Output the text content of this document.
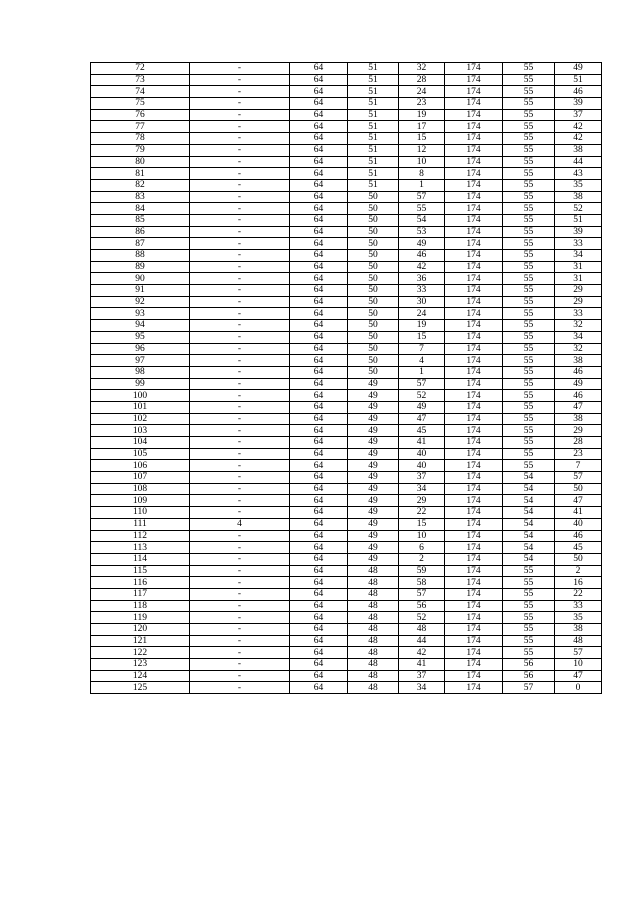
72	-	64	51	32	174	55	49
73	-	64	51	28	174	55	51
74	-	64	51	24	174	55	46
75	-	64	51	23	174	55	39
76	-	64	51	19	174	55	37
77	-	64	51	17	174	55	42
78	-	64	51	15	174	55	42
79	-	64	51	12	174	55	38
80	-	64	51	10	174	55	44
81	-	64	51	8	174	55	43
82	-	64	51	1	174	55	35
83	-	64	50	57	174	55	38
84	-	64	50	55	174	55	52
85	-	64	50	54	174	55	51
86	-	64	50	53	174	55	39
87	-	64	50	49	174	55	33
88	-	64	50	46	174	55	34
89	-	64	50	42	174	55	31
90	-	64	50	36	174	55	31
91	-	64	50	33	174	55	29
92	-	64	50	30	174	55	29
93	-	64	50	24	174	55	33
94	-	64	50	19	174	55	32
95	-	64	50	15	174	55	34
96	-	64	50	7	174	55	32
97	-	64	50	4	174	55	38
98	-	64	50	1	174	55	46
99	-	64	49	57	174	55	49
100	-	64	49	52	174	55	46
101	-	64	49	49	174	55	47
102	-	64	49	47	174	55	38
103	-	64	49	45	174	55	29
104	-	64	49	41	174	55	28
105	-	64	49	40	174	55	23
106	-	64	49	40	174	55	7
107	-	64	49	37	174	54	57
108	-	64	49	34	174	54	50
109	-	64	49	29	174	54	47
110	-	64	49	22	174	54	41
111	4	64	49	15	174	54	40
112	-	64	49	10	174	54	46
113	-	64	49	6	174	54	45
114	-	64	49	2	174	54	50
115	-	64	48	59	174	55	2
116	-	64	48	58	174	55	16
117	-	64	48	57	174	55	22
118	-	64	48	56	174	55	33
119	-	64	48	52	174	55	35
120	-	64	48	48	174	55	38
121	-	64	48	44	174	55	48
122	-	64	48	42	174	55	57
123	-	64	48	41	174	56	10
124	-	64	48	37	174	56	47
125	-	64	48	34	174	57	0
